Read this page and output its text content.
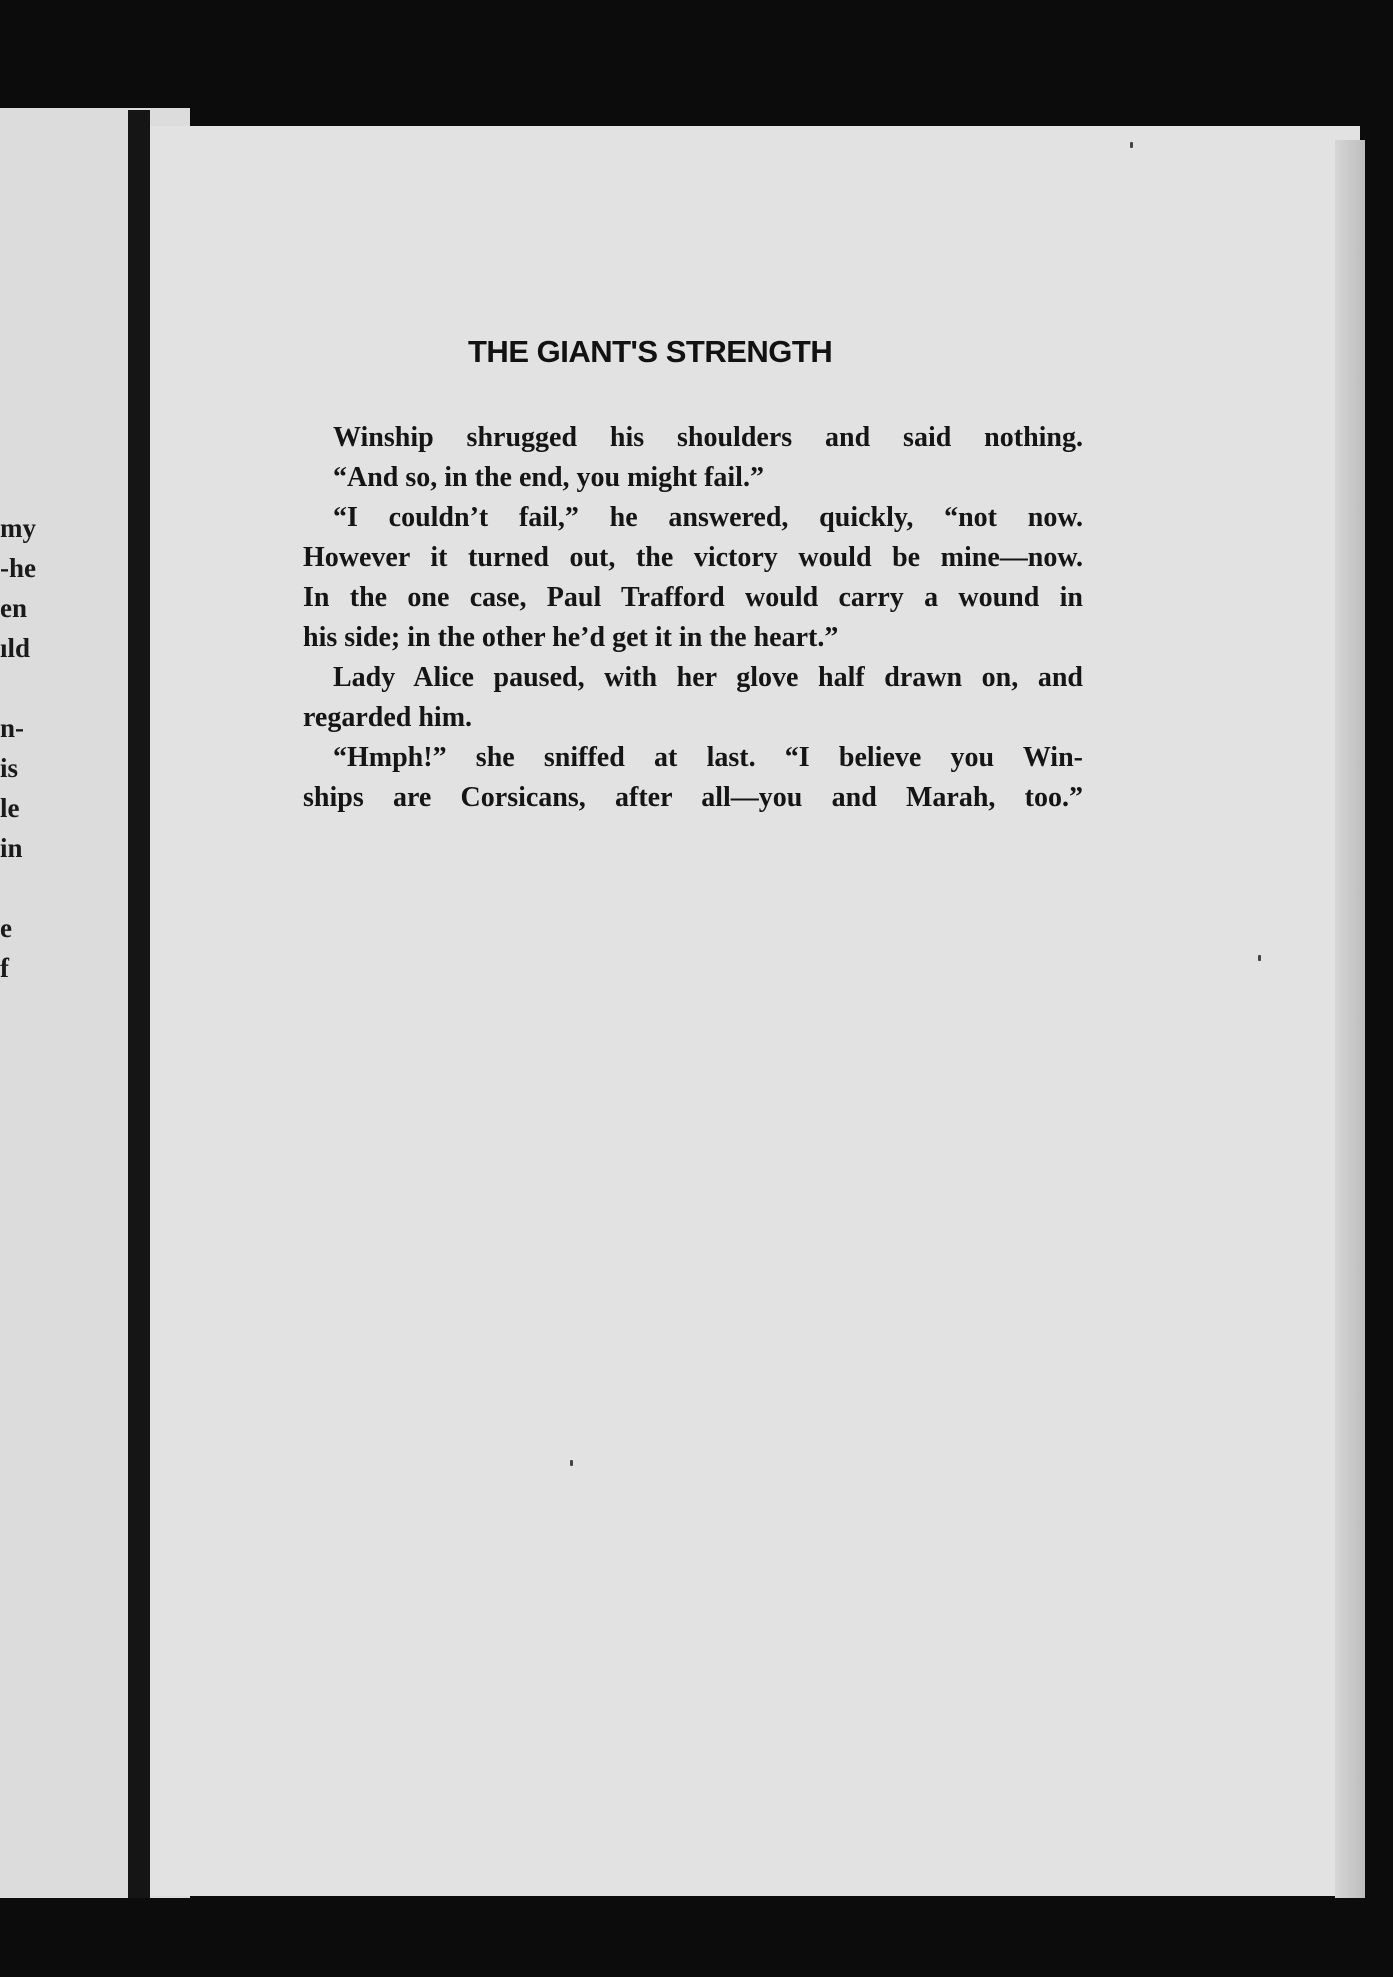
my
-he
en
ıld
n-
is
le
in
e
f
THE GIANT'S STRENGTH
Winship shrugged his shoulders and said nothing.
“And so, in the end, you might fail.”
“I couldn’t fail,” he answered, quickly, “not now.
However it turned out, the victory would be mine—now.
In the one case, Paul Trafford would carry a wound in
his side; in the other he’d get it in the heart.”
Lady Alice paused, with her glove half drawn on, and
regarded him.
“Hmph!” she sniffed at last. “I believe you Win-
ships are Corsicans, after all—you and Marah, too.”
